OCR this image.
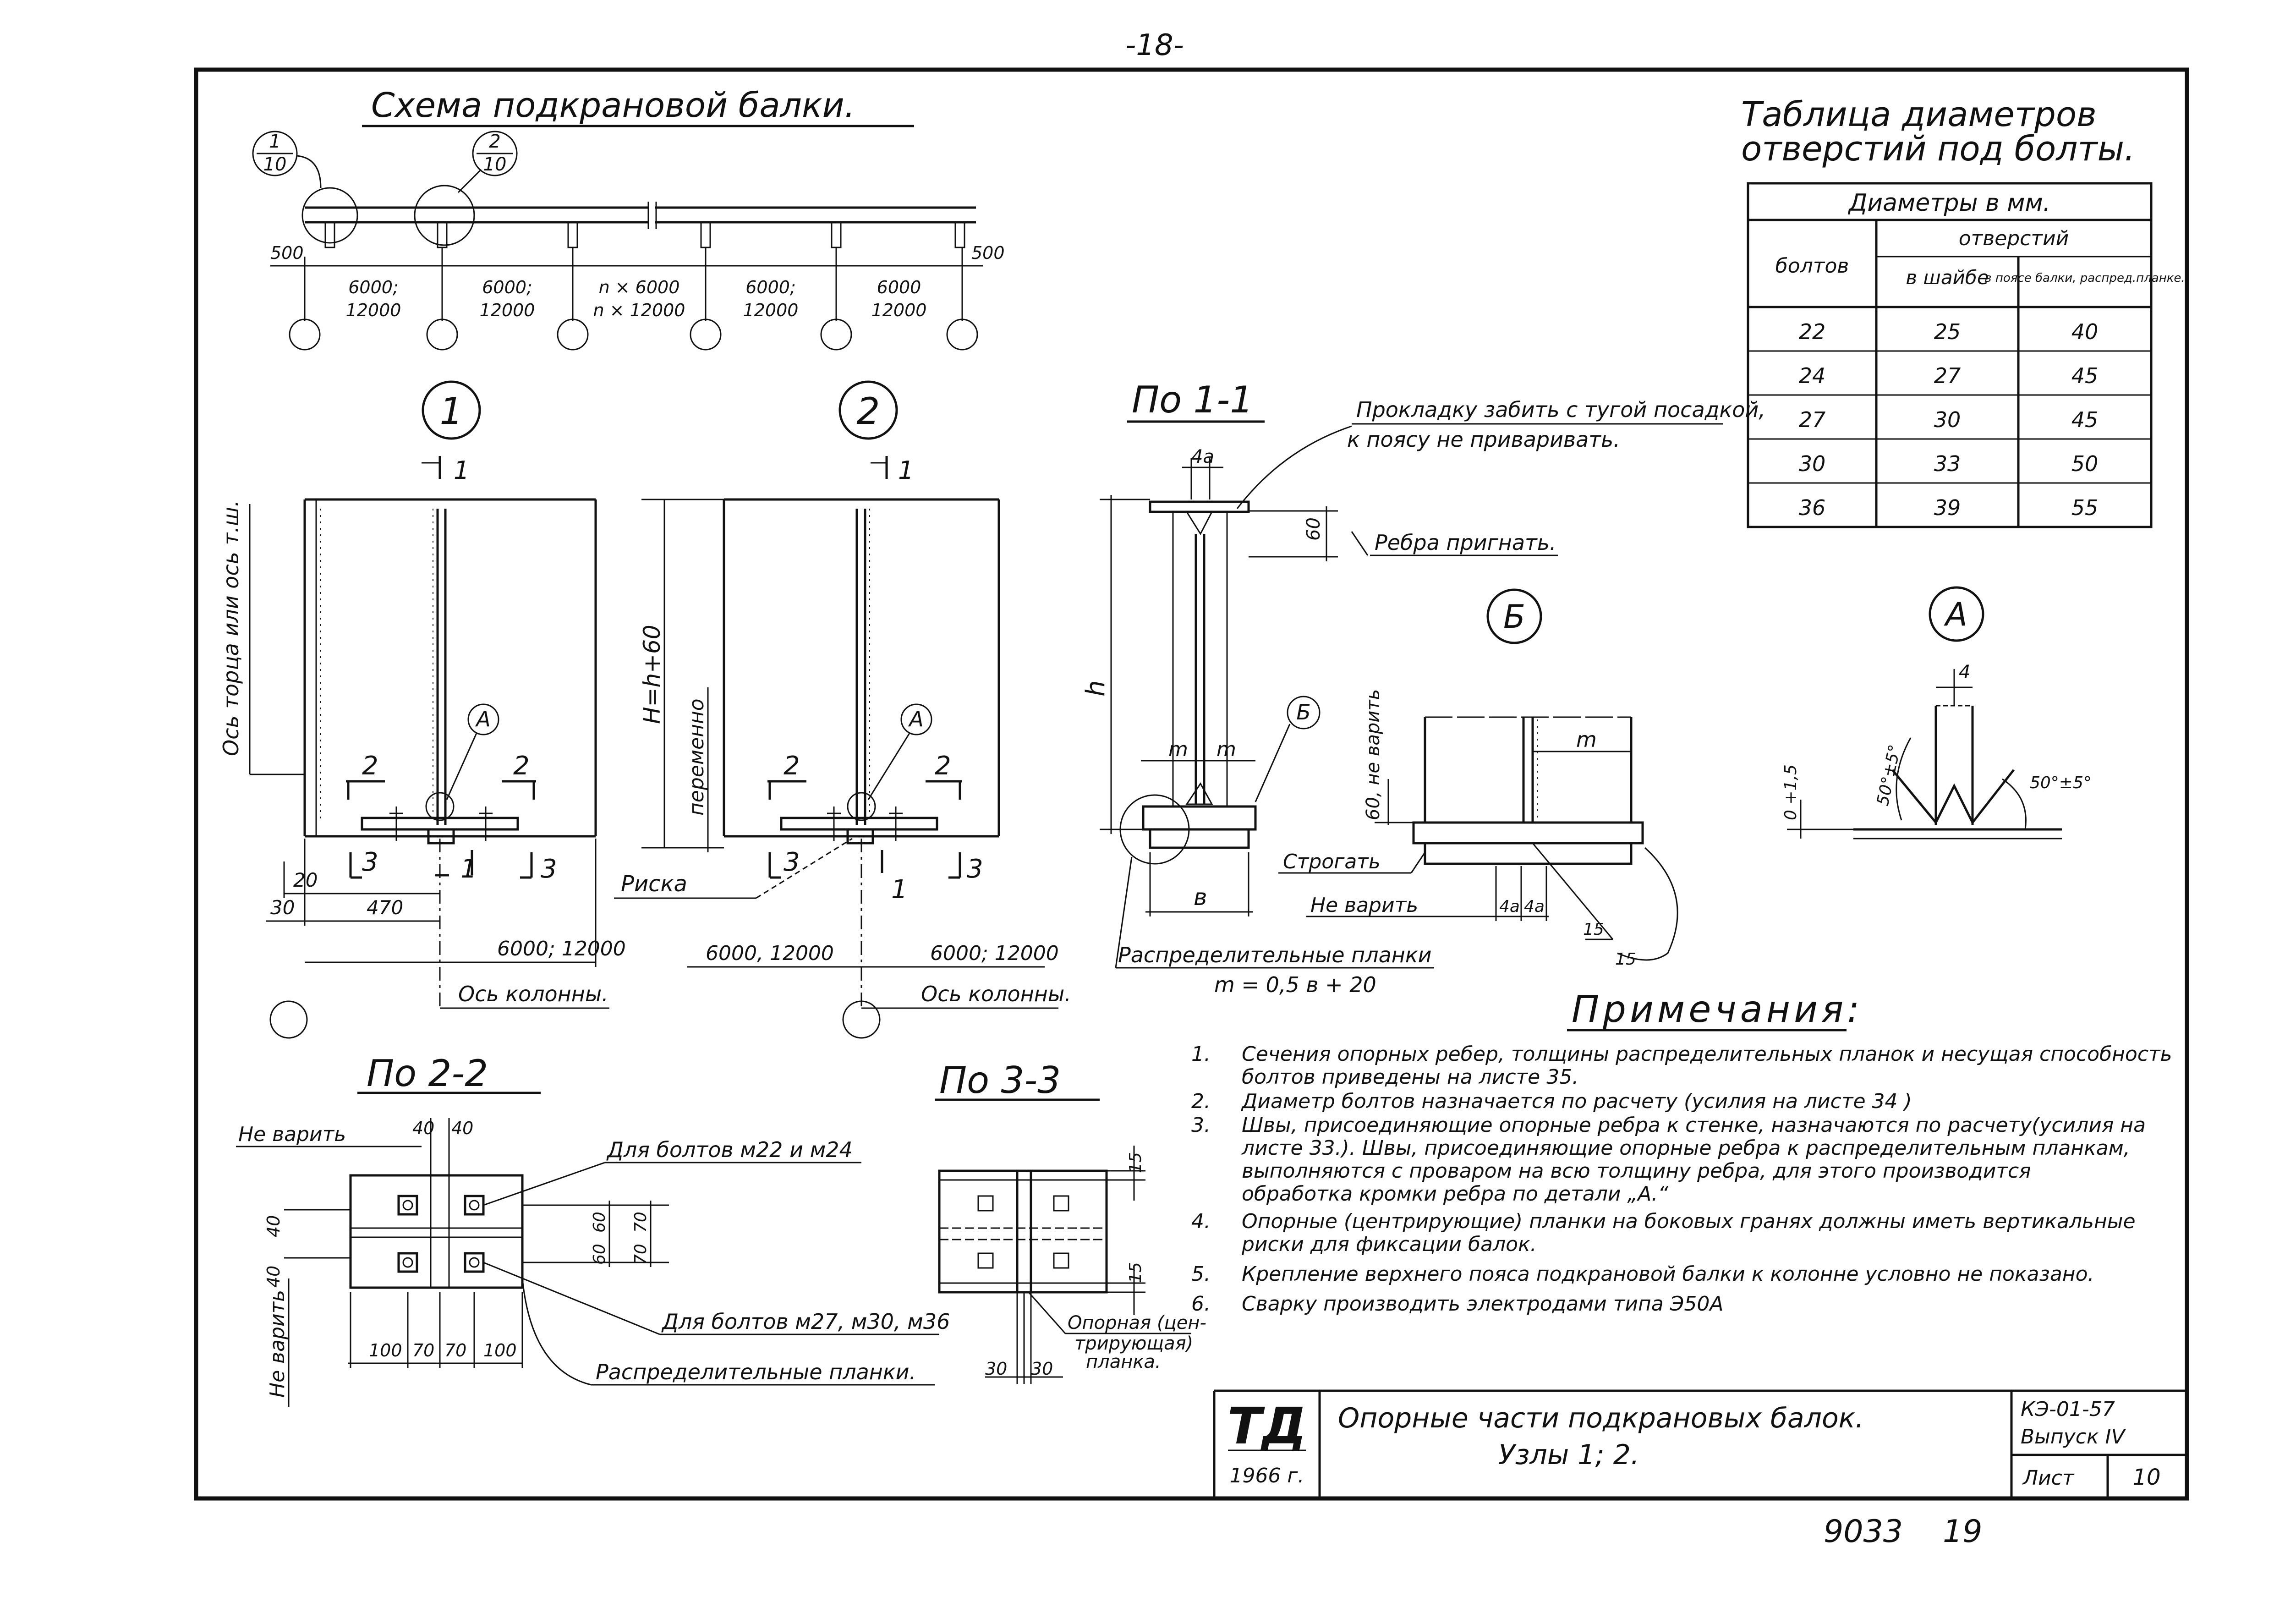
-18-
Схема подкрановой балки.
1
10
2
10
500	500
6000;
12000
6000;
12000
n × 6000
n × 12000
6000;
12000
6000
12000
Таблица диаметров
отверстий под болты.
Диаметры в мм.
болтов
отверстий
в шайбе
в поясе балки, распред.планке.
22	25	40
24	27	45
27	30	45
30	33	50
36	39	55
1
1
А
2	2
3	3
1
Ось торца или ось т.ш.
20
30	470
6000; 12000
Ось колонны.
2
1
А
2	2
3	3
1
H=h+60
переменно
Риска
6000, 12000	6000; 12000
Ось колонны.
По 1-1	Прокладку забить с тугой посадкой,
к поясу не приваривать.
m m
4a
60
Ребра пригнать.
h
в
Б
Распределительные планки
m = 0,5 в + 20
Б
m
60, не варить
Строгать
Не варить	4a 4a
15
15
А
4
50°±5°	50°±5°
0 +1,5
По 2-2
Не варить	40 40
40
40
Не варить
Для болтов м22 и м24
60
60
70
70
Для болтов м27, м30, м36
100 70 70 100
Распределительные планки.
По 3-3
15
15
30 30
Опорная (цен-
трирующая)
планка.
Примечания:
1. Сечения опорных ребер, толщины распределительных планок и несущая способность
болтов приведены на листе 35.
2. Диаметр болтов назначается по расчету (усилия на листе 34 )
3. Швы, присоединяющие опорные ребра к стенке, назначаются по расчету(усилия на
листе 33.). Швы, присоединяющие опорные ребра к распределительным планкам,
выполняются с проваром на всю толщину ребра, для этого производится
обработка кромки ребра по детали „А.“
4. Опорные (центрирующие) планки на боковых гранях должны иметь вертикальные
риски для фиксации балок.
5. Крепление верхнего пояса подкрановой балки к колонне условно не показано.
6. Сварку производить электродами типа Э50А
ТД
1966 г.
Опорные части подкрановых балок.
Узлы 1; 2.
КЭ-01-57
Выпуск IV
Лист	10
9033 19
